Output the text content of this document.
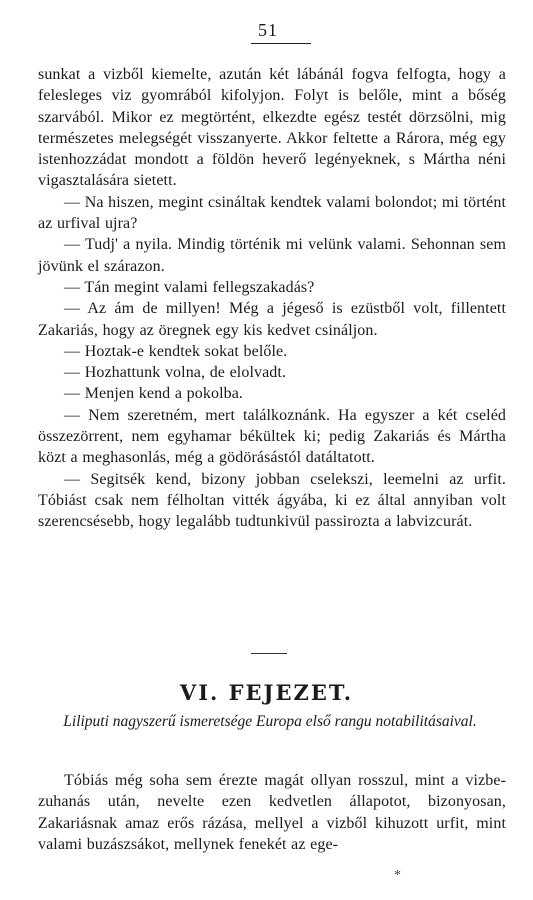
51

sunkat a vizből kiemelte, azután két lábánál fogva felfogta, hogy a felesleges viz gyomrából kifolyjon. Folyt is belőle, mint a bőség szarvából. Mikor ez megtörtént, elkezdte egész testét dörzsölni, mig természetes melegségét visszanyerte. Akkor feltette a Rárora, még egy istenhozzádat mondott a földön heverő legényeknek, s Mártha néni vigasztalására sietett.

— Na hiszen, megint csináltak kendtek valami bolondot; mi történt az urfival ujra?

— Tudj' a nyila. Mindig történik mi velünk valami. Sehonnan sem jövünk el szárazon.

— Tán megint valami fellegszakadás?

— Az ám de millyen! Még a jégeső is ezüstből volt, fillentett Zakariás, hogy az öregnek egy kis kedvet csináljon.

— Hoztak-e kendtek sokat belőle.

— Hozhattunk volna, de elolvadt.

— Menjen kend a pokolba.

— Nem szeretném, mert találkoznánk. Ha egyszer a két cseléd összezörrent, nem egyhamar békültek ki; pedig Zakariás és Mártha közt a meghasonlás, még a gödörásástól datáltatott.

— Segitsék kend, bizony jobban cselekszi, leemelni az urfit. Tóbiást csak nem félholtan vitték ágyába, ki ez által annyiban volt szerencsésebb, hogy legalább tudtunkivül passirozta a labvizcurát.

VI. FEJEZET.
Liliputi nagyszerű ismeretsége Europa első rangu notabilitásaival.

Tóbiás még soha sem érezte magát ollyan rosszul, mint a vizbe-zuhanás után, nevelte ezen kedvetlen állapotot, bizonyosan, Zakariásnak amaz erős rázása, mellyel a vizből kihuzott urfit, mint valami buzászsákot, mellynek fenekét az ege-

*
